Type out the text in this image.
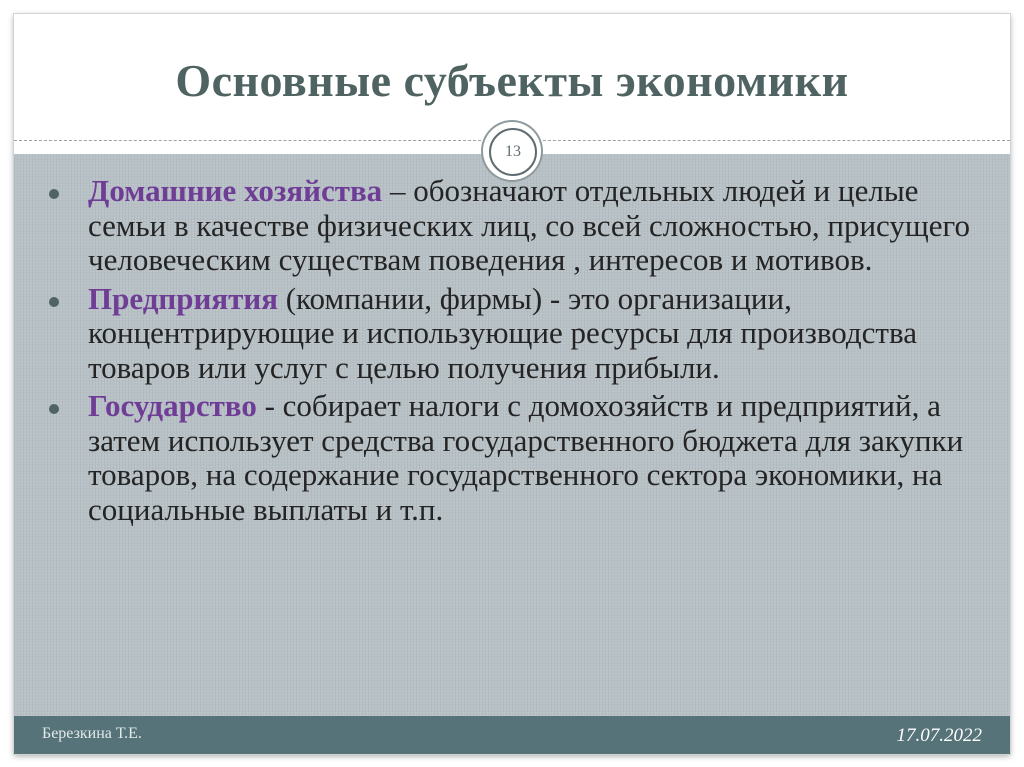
Основные субъекты экономики
13
Домашние хозяйства – обозначают отдельных людей и целые семьи в качестве физических лиц, со всей сложностью, присущего человеческим существам поведения , интересов и мотивов.
Предприятия (компании, фирмы) - это организации, концентрирующие и использующие ресурсы для производства товаров или услуг с целью получения прибыли.
Государство - собирает налоги с домохозяйств и предприятий, а затем использует средства государственного бюджета для закупки товаров, на содержание государственного сектора экономики, на социальные выплаты и т.п.
Березкина Т.Е.	17.07.2022
